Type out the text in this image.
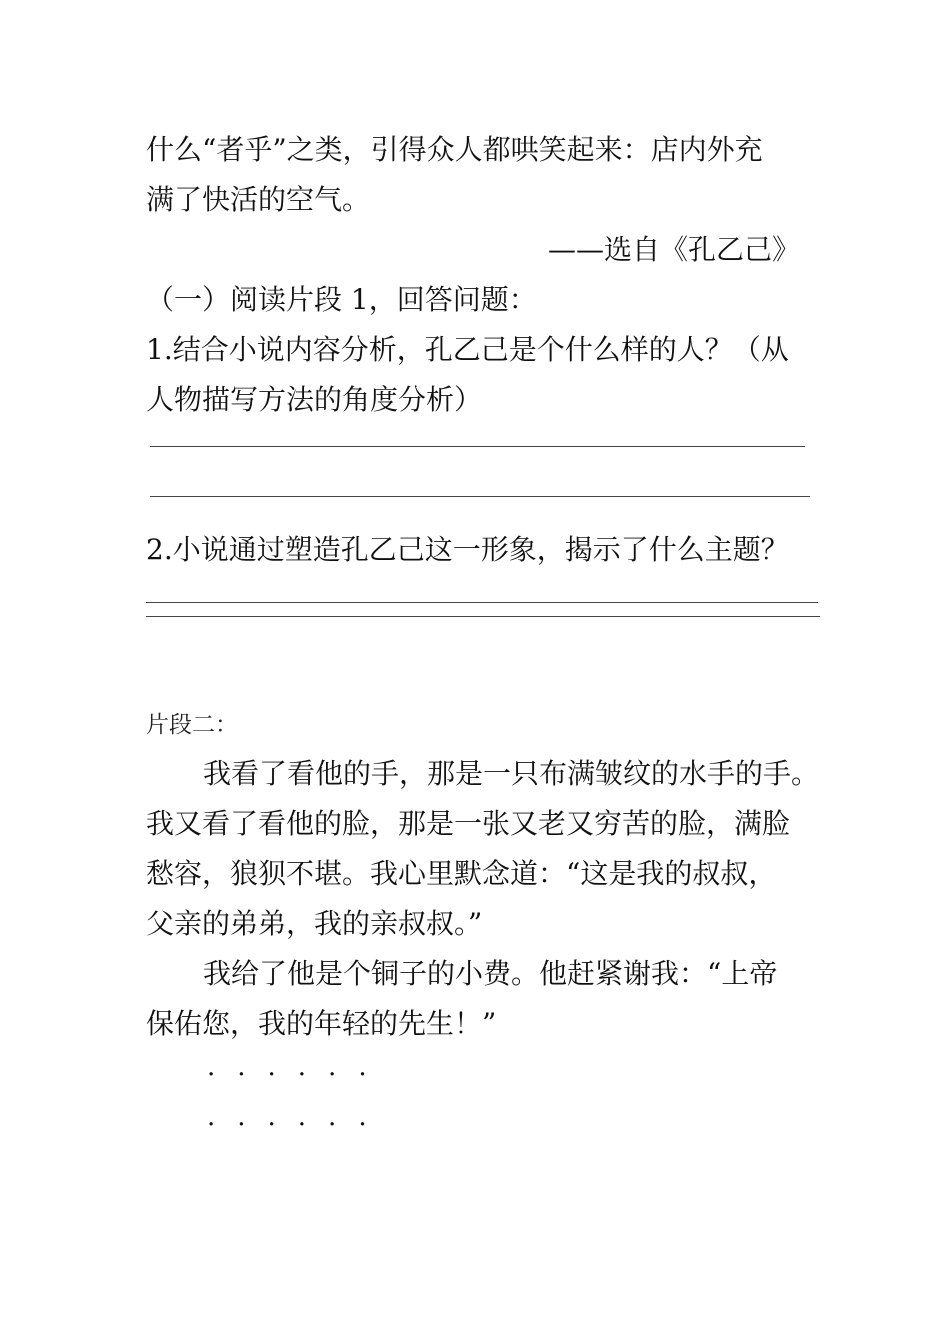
什么“者乎”之类，引得众人都哄笑起来：店内外充
满了快活的空气。
——选自《孔乙己》
（一）阅读片段 1，回答问题：
1.结合小说内容分析，孔乙己是个什么样的人？（从
人物描写方法的角度分析）
2.小说通过塑造孔乙己这一形象，揭示了什么主题？
片段二：
我看了看他的手，那是一只布满皱纹的水手的手。
我又看了看他的脸，那是一张又老又穷苦的脸，满脸
愁容，狼狈不堪。我心里默念道：“这是我的叔叔，
父亲的弟弟，我的亲叔叔。”
我给了他是个铜子的小费。他赶紧谢我：“上帝
保佑您，我的年轻的先生！”
......
......
